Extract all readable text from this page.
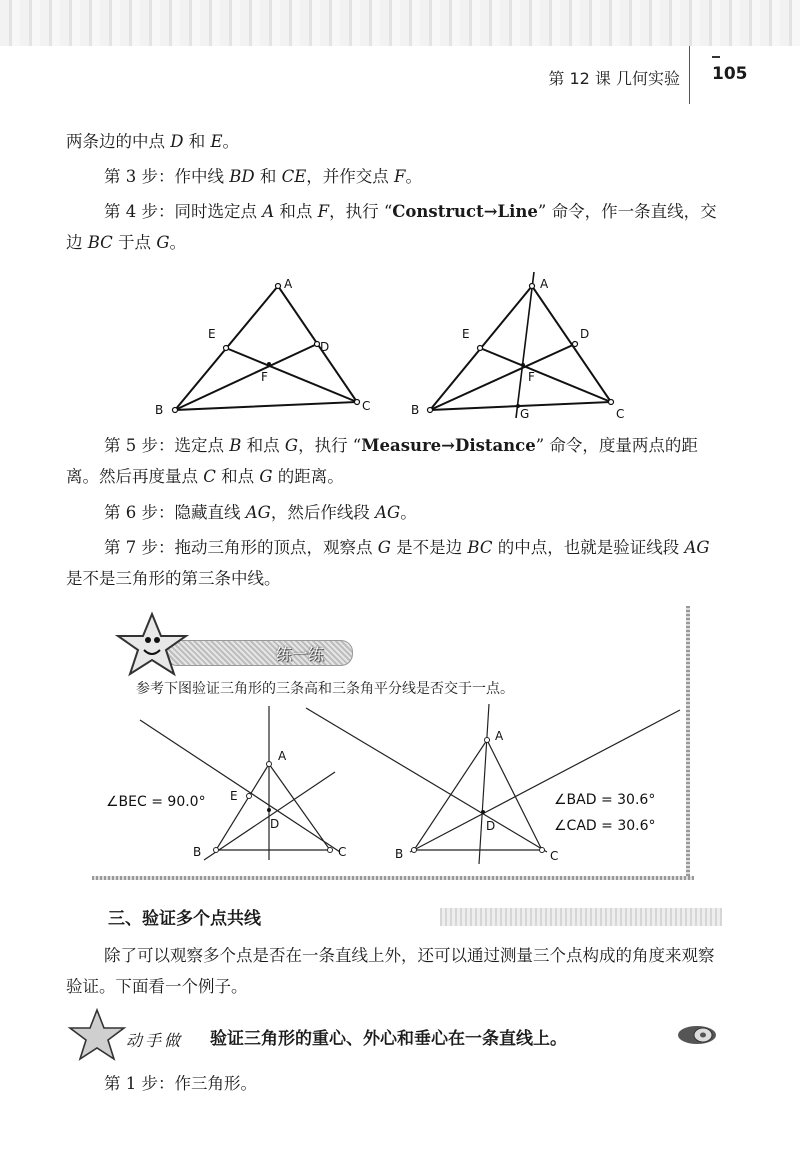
第 12 课 几何实验 105

两条边的中点 D 和 E。

第 3 步：作中线 BD 和 CE，并作交点 F。

第 4 步：同时选定点 A 和点 F，执行 “Construct→Line” 命令，作一条直线，交边 BC 于点 G。

A
B	C
D
E
F
A
B	C
D
E
F
G

第 5 步：选定点 B 和点 G，执行 “Measure→Distance” 命令，度量两点的距离。然后再度量点 C 和点 G 的距离。

第 6 步：隐藏直线 AG，然后作线段 AG。

第 7 步：拖动三角形的顶点，观察点 G 是不是边 BC 的中点，也就是验证线段 AG 是不是三角形的第三条中线。

练一练
参考下图验证三角形的三条高和三条角平分线是否交于一点。
A
B	C
D
E
∠BEC = 90.0°
A
B	C
D
∠BAD = 30.6°
∠CAD = 30.6°
三、验证多个点共线

除了可以观察多个点是否在一条直线上外，还可以通过测量三个点构成的角度来观察验证。下面看一个例子。

动手做 验证三角形的重心、外心和垂心在一条直线上。

第 1 步：作三角形。
